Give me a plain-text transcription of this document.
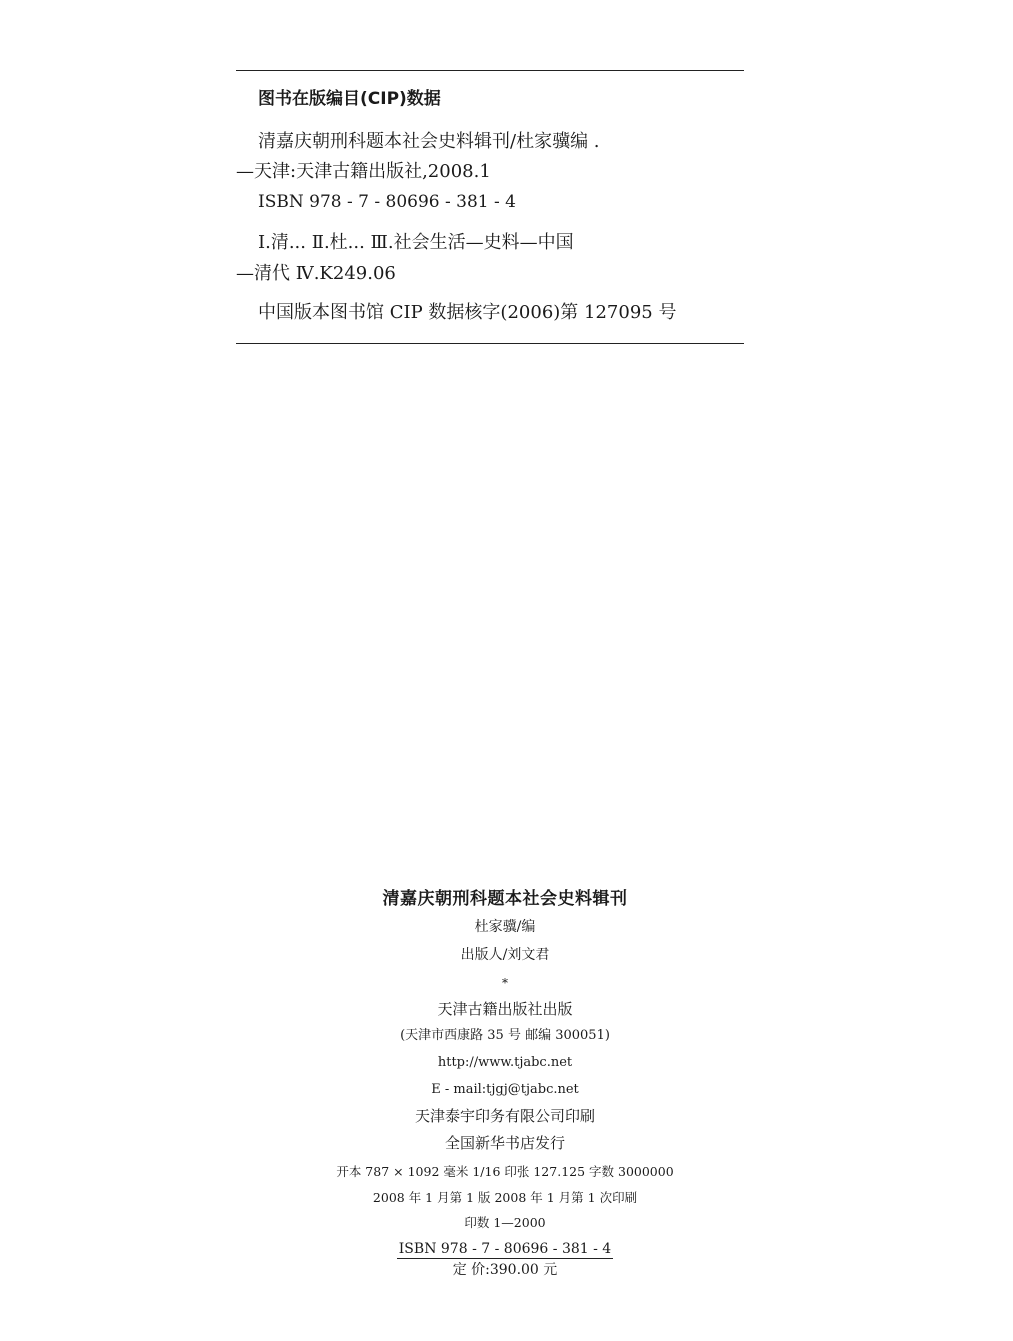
图书在版编目(CIP)数据
清嘉庆朝刑科题本社会史料辑刊/杜家骥编 .
—天津:天津古籍出版社,2008.1
ISBN 978 - 7 - 80696 - 381 - 4
Ⅰ.清... Ⅱ.杜... Ⅲ.社会生活—史料—中国
—清代 Ⅳ.K249.06
中国版本图书馆 CIP 数据核字(2006)第 127095 号
清嘉庆朝刑科题本社会史料辑刊
杜家骥/编
出版人/刘文君
*
天津古籍出版社出版
(天津市西康路 35 号 邮编 300051)
http://www.tjabc.net
E - mail:tjgj@tjabc.net
天津泰宇印务有限公司印刷
全国新华书店发行
开本 787 × 1092 毫米 1/16 印张 127.125 字数 3000000
2008 年 1 月第 1 版 2008 年 1 月第 1 次印刷
印数 1—2000
ISBN 978 - 7 - 80696 - 381 - 4
定 价:390.00 元
